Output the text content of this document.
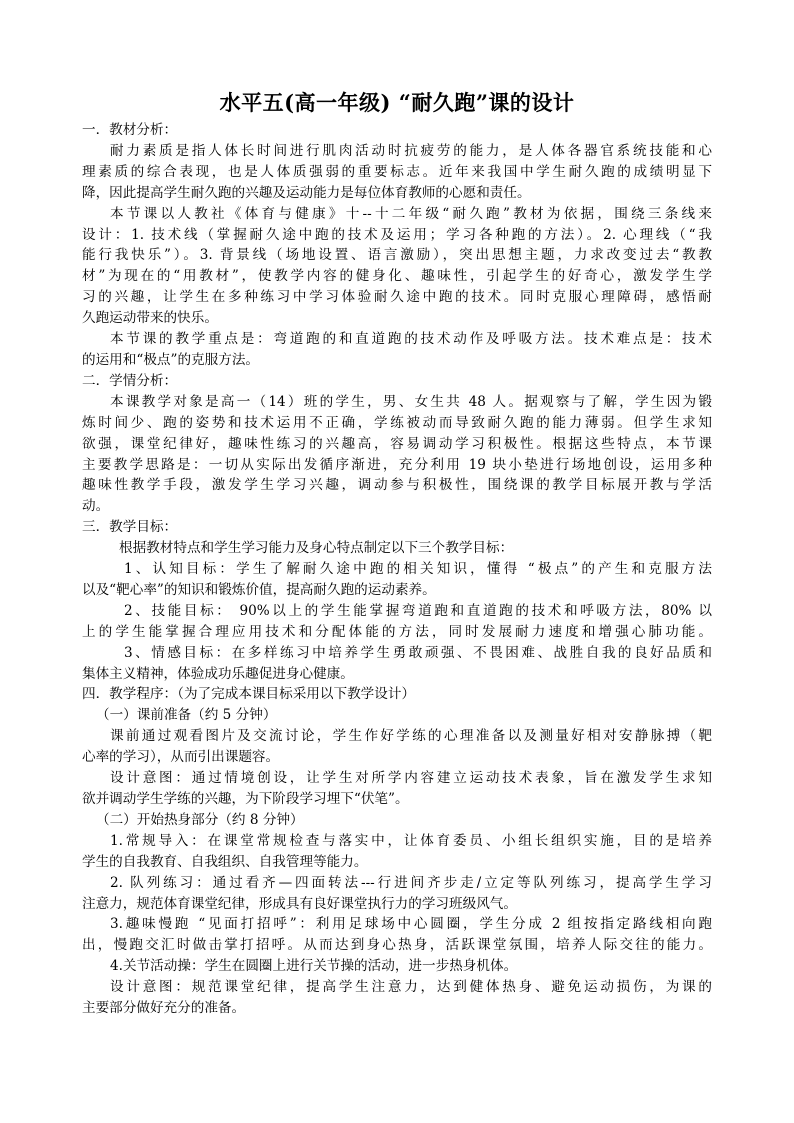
水平五(高一年级) “耐久跑”课的设计
一．教材分析：
耐力素质是指人体长时间进行肌肉活动时抗疲劳的能力，是人体各器官系统技能和心
理素质的综合表现，也是人体质强弱的重要标志。近年来我国中学生耐久跑的成绩明显下
降，因此提高学生耐久跑的兴趣及运动能力是每位体育教师的心愿和责任。
本节课以人教社《体育与健康》十--十二年级“耐久跑”教材为依据，围绕三条线来
设计：1. 技术线（掌握耐久途中跑的技术及运用；学习各种跑的方法）。2. 心理线（“我
能行我快乐”）。3. 背景线（场地设置、语言激励），突出思想主题，力求改变过去“教教
材”为现在的“用教材”，使教学内容的健身化、趣味性，引起学生的好奇心，激发学生学
习的兴趣，让学生在多种练习中学习体验耐久途中跑的技术。同时克服心理障碍，感悟耐
久跑运动带来的快乐。
本节课的教学重点是：弯道跑的和直道跑的技术动作及呼吸方法。技术难点是：技术
的运用和“极点”的克服方法。
二．学情分析：
本课教学对象是高一（14）班的学生，男、女生共 48 人。据观察与了解，学生因为锻
炼时间少、跑的姿势和技术运用不正确，学练被动而导致耐久跑的能力薄弱。但学生求知
欲强，课堂纪律好，趣味性练习的兴趣高，容易调动学习积极性。根据这些特点，本节课
主要教学思路是：一切从实际出发循序渐进，充分利用 19 块小垫进行场地创设，运用多种
趣味性教学手段，激发学生学习兴趣，调动参与积极性，围绕课的教学目标展开教与学活
动。
三．教学目标：
根据教材特点和学生学习能力及身心特点制定以下三个教学目标：
1、认知目标：学生了解耐久途中跑的相关知识，懂得 “极点”的产生和克服方法
以及“靶心率”的知识和锻炼价值，提高耐久跑的运动素养。
2、技能目标： 90%以上的学生能掌握弯道跑和直道跑的技术和呼吸方法，80% 以
上的学生能掌握合理应用技术和分配体能的方法，同时发展耐力速度和增强心肺功能。
3、情感目标：在多样练习中培养学生勇敢顽强、不畏困难、战胜自我的良好品质和
集体主义精神，体验成功乐趣促进身心健康。
四．教学程序：（为了完成本课目标采用以下教学设计）
（一）课前准备（约 5 分钟）
课前通过观看图片及交流讨论，学生作好学练的心理准备以及测量好相对安静脉搏（靶
心率的学习），从而引出课题容。
设计意图：通过情境创设，让学生对所学内容建立运动技术表象，旨在激发学生求知
欲并调动学生学练的兴趣，为下阶段学习埋下“伏笔”。
（二）开始热身部分（约 8 分钟）
1.常规导入：在课堂常规检查与落实中，让体育委员、小组长组织实施，目的是培养
学生的自我教育、自我组织、自我管理等能力。
2. 队列练习：通过看齐—四面转法---行进间齐步走/立定等队列练习，提高学生学习
注意力，规范体育课堂纪律，形成具有良好课堂执行力的学习班级风气。
3.趣味慢跑 “见面打招呼”：利用足球场中心圆圈，学生分成 2 组按指定路线相向跑
出，慢跑交汇时做击掌打招呼。从而达到身心热身，活跃课堂氛围，培养人际交往的能力。
4.关节活动操：学生在圆圈上进行关节操的活动，进一步热身机体。
设计意图：规范课堂纪律，提高学生注意力，达到健体热身、避免运动损伤，为课的
主要部分做好充分的准备。
